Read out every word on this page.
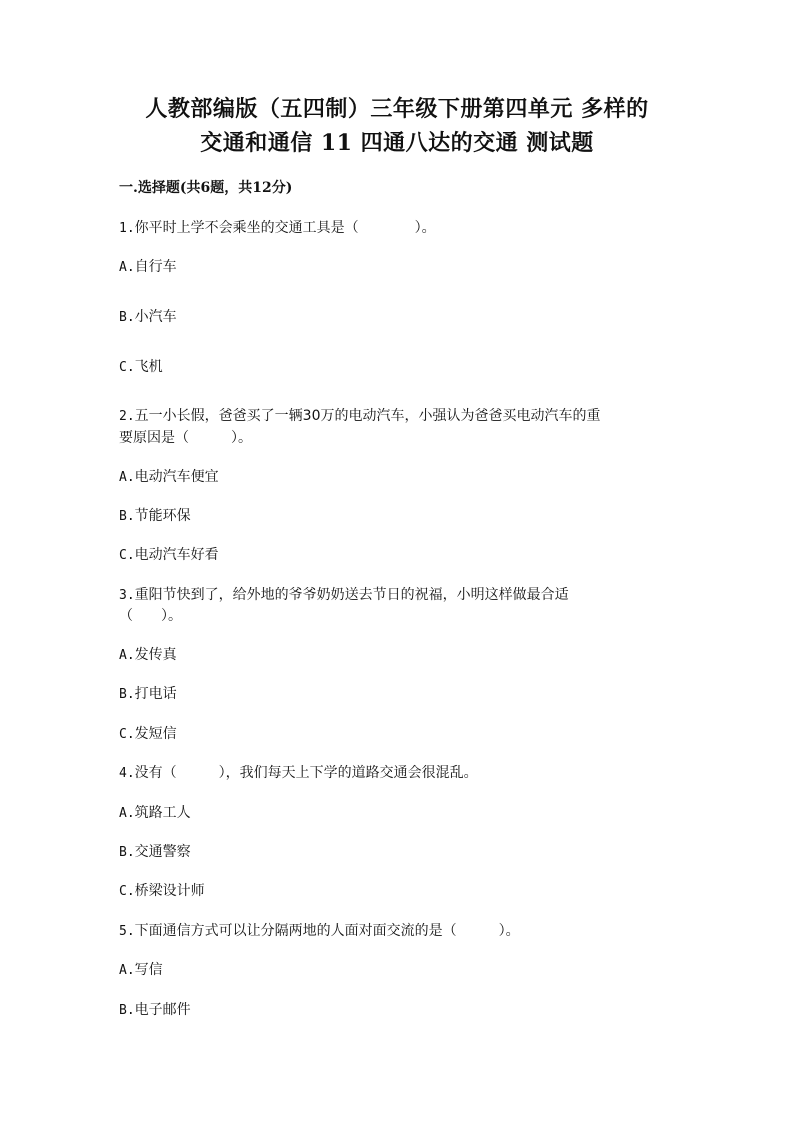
人教部编版（五四制）三年级下册第四单元 多样的
交通和通信 11 四通八达的交通 测试题
一.选择题(共6题，共12分)
1.你平时上学不会乘坐的交通工具是（　　　　）。
A.自行车
B.小汽车
C.飞机
2.五一小长假，爸爸买了一辆30万的电动汽车，小强认为爸爸买电动汽车的重
要原因是（　　　）。
A.电动汽车便宜
B.节能环保
C.电动汽车好看
3.重阳节快到了，给外地的爷爷奶奶送去节日的祝福，小明这样做最合适
（　　）。
A.发传真
B.打电话
C.发短信
4.没有（　　　），我们每天上下学的道路交通会很混乱。
A.筑路工人
B.交通警察
C.桥梁设计师
5.下面通信方式可以让分隔两地的人面对面交流的是（　　　）。
A.写信
B.电子邮件
